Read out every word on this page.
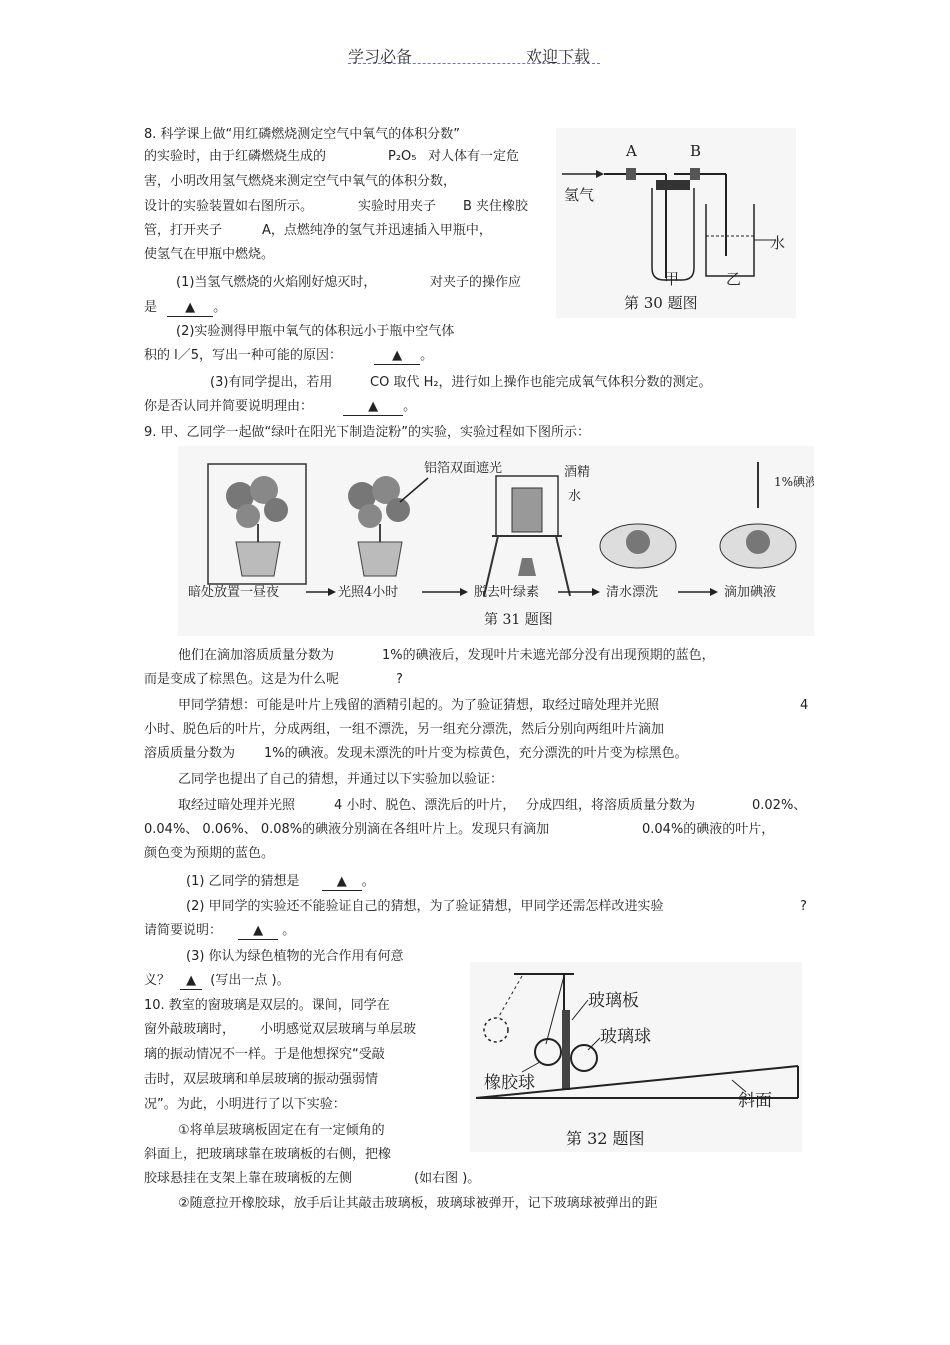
学习必备	欢迎下载
8. 科学课上做“用红磷燃烧测定空气中氧气的体积分数”
的实验时，由于红磷燃烧生成的	P₂O₅ 对人体有一定危
害，小明改用氢气燃烧来测定空气中氧气的体积分数，
设计的实验装置如右图所示。	实验时用夹子 B 夹住橡胶
管，打开夹子	A，点燃纯净的氢气并迅速插入甲瓶中，
使氢气在甲瓶中燃烧。
(1)当氢气燃烧的火焰刚好熄灭时，	对夹子的操作应
是 ▲ 。
(2)实验测得甲瓶中氧气的体积远小于瓶中空气体
积的 l／5，写出一种可能的原因：	▲ 。
(3)有同学提出，若用	CO 取代 H₂，进行如上操作也能完成氧气体积分数的测定。
你是否认同并简要说明理由：	▲ 。
A	B
氢气
水
甲	乙
第 30 题图
9. 甲、乙同学一起做“绿叶在阳光下制造淀粉”的实验，实验过程如下图所示：
铝箔双面遮光	酒精
水
1%碘液
暗处放置一昼夜	光照4小时	脱去叶绿素	清水漂洗	滴加碘液
第 31 题图
他们在滴加溶质质量分数为	1%的碘液后，发现叶片未遮光部分没有出现预期的蓝色，
而是变成了棕黑色。这是为什么呢	?
甲同学猜想：可能是叶片上残留的酒精引起的。为了验证猜想，取经过暗处理并光照	4
小时、脱色后的叶片，分成两组，一组不漂洗，另一组充分漂洗，然后分别向两组叶片滴加
溶质质量分数为 1%的碘液。发现未漂洗的叶片变为棕黄色，充分漂洗的叶片变为棕黑色。
乙同学也提出了自己的猜想，并通过以下实验加以验证：
取经过暗处理并光照	4 小时、脱色、漂洗后的叶片， 分成四组，将溶质质量分数为	0.02%、
0.04%、 0.06%、 0.08%的碘液分别滴在各组叶片上。发现只有滴加	0.04%的碘液的叶片，
颜色变为预期的蓝色。
(1) 乙同学的猜想是	▲ 。
(2) 甲同学的实验还不能验证自己的猜想，为了验证猜想，甲同学还需怎样改进实验	?
请简要说明： ▲ 。
(3) 你认为绿色植物的光合作用有何意
义？ ▲ (写出一点 )。
10. 教室的窗玻璃是双层的。课间，同学在
窗外敲玻璃时， 小明感觉双层玻璃与单层玻
璃的振动情况不一样。于是他想探究“受敲
击时，双层玻璃和单层玻璃的振动强弱情
况”。为此，小明进行了以下实验：
①将单层玻璃板固定在有一定倾角的
斜面上，把玻璃球靠在玻璃板的右侧，把橡
胶球悬挂在支架上靠在玻璃板的左侧	(如右图 )。
②随意拉开橡胶球，放手后让其敲击玻璃板，玻璃球被弹开，记下玻璃球被弹出的距
玻璃板
玻璃球
橡胶球
斜面
第 32 题图
